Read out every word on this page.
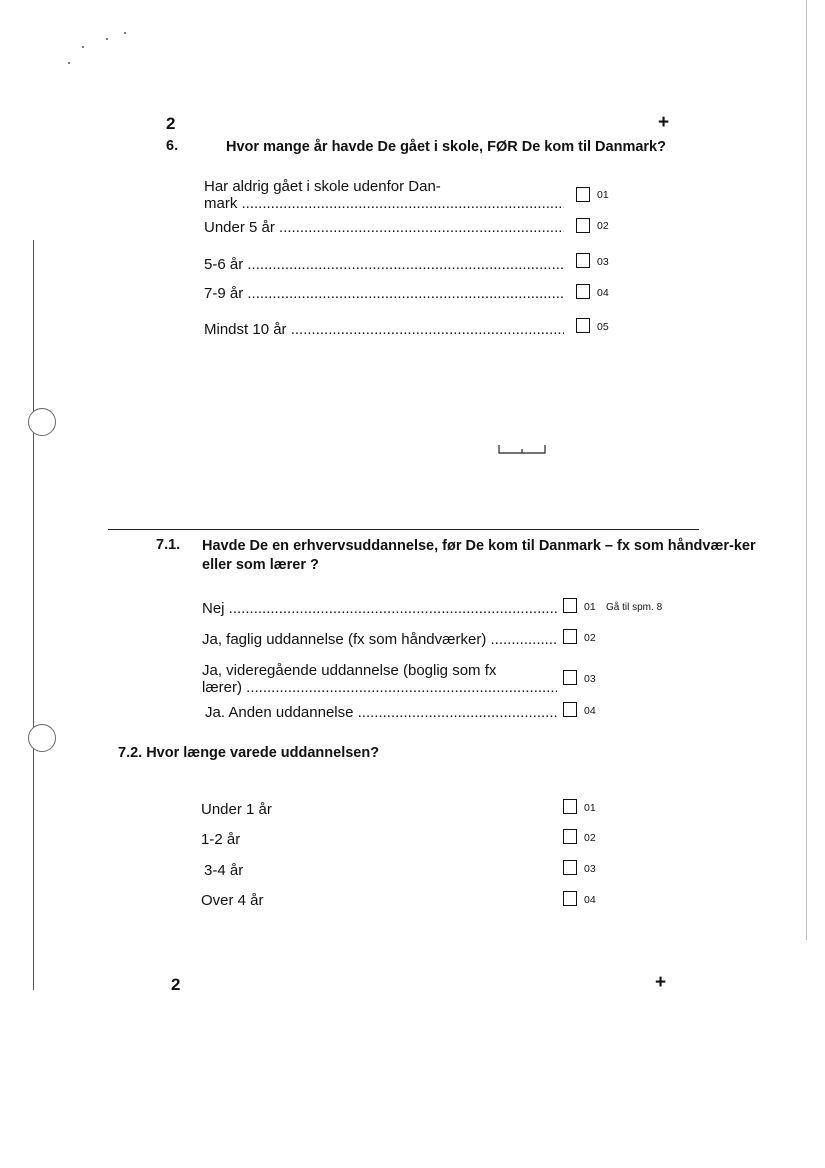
2	+
6.	Hvor mange år havde De gået i skole, FØR De kom til Danmark?
Har aldrig gået i skole udenfor Dan-
mark .....	01
Under 5 år .....	02
5-6 år .....	03
7-9 år .....	04
Mindst 10 år .....	05
7.1. Havde De en erhvervsuddannelse, før De kom til Danmark – fx som håndvær-ker eller som lærer ?
Nej .....	01 Gå til spm. 8
Ja, faglig uddannelse (fx som håndværker) .....	02
Ja, videregående uddannelse (boglig som fx
lærer) .....	03
Ja. Anden uddannelse .....	04
7.2. Hvor længe varede uddannelsen?
Under 1 år	01
1-2 år	02
3-4 år	03
Over 4 år	04
2	+
